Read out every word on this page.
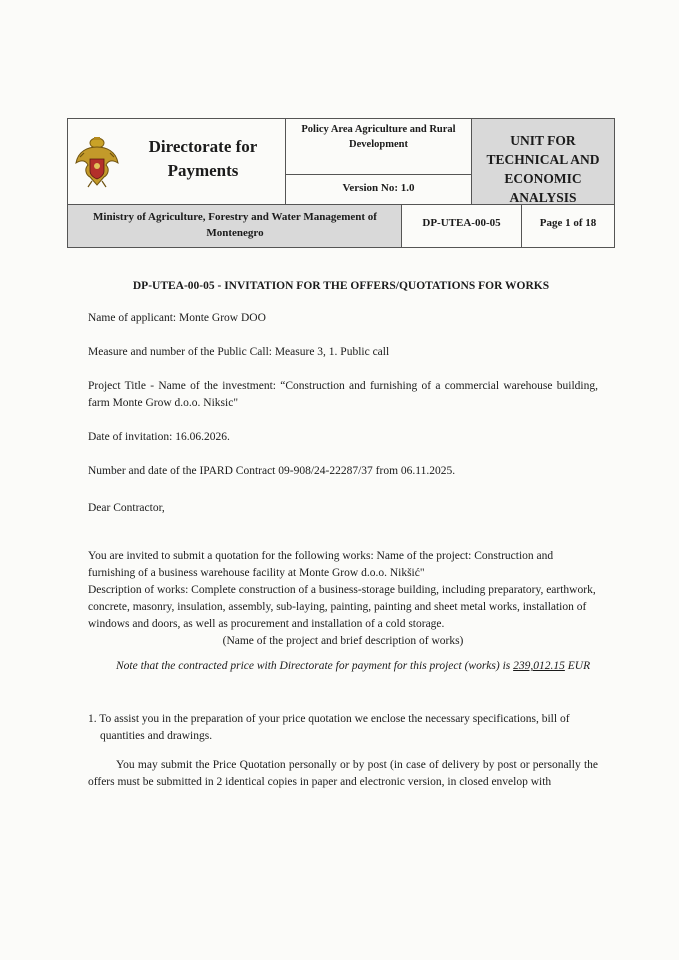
Directorate for Payments
Policy Area Agriculture and Rural Development
Version No: 1.0
UNIT FOR TECHNICAL AND ECONOMIC ANALYSIS
Ministry of Agriculture, Forestry and Water Management of Montenegro
DP-UTEA-00-05	Page 1 of 18
DP-UTEA-00-05 - INVITATION FOR THE OFFERS/QUOTATIONS FOR WORKS
Name of applicant: Monte Grow DOO
Measure and number of the Public Call: Measure 3, 1. Public call
Project Title - Name of the investment: “Construction and furnishing of a commercial warehouse building, farm Monte Grow d.o.o. Niksic"
Date of invitation: 16.06.2026.
Number and date of the IPARD Contract 09-908/24-22287/37 from 06.11.2025.
Dear Contractor,
You are invited to submit a quotation for the following works: Name of the project: Construction and furnishing of a business warehouse facility at Monte Grow d.o.o. Nikšić"
Description of works: Complete construction of a business-storage building, including preparatory, earthwork, concrete, masonry, insulation, assembly, sub-laying, painting, painting and sheet metal works, installation of windows and doors, as well as procurement and installation of a cold storage.
(Name of the project and brief description of works)
Note that the contracted price with Directorate for payment for this project (works) is 239,012.15 EUR
1. To assist you in the preparation of your price quotation we enclose the necessary specifications, bill of quantities and drawings.
You may submit the Price Quotation personally or by post (in case of delivery by post or personally the offers must be submitted in 2 identical copies in paper and electronic version, in closed envelop with
